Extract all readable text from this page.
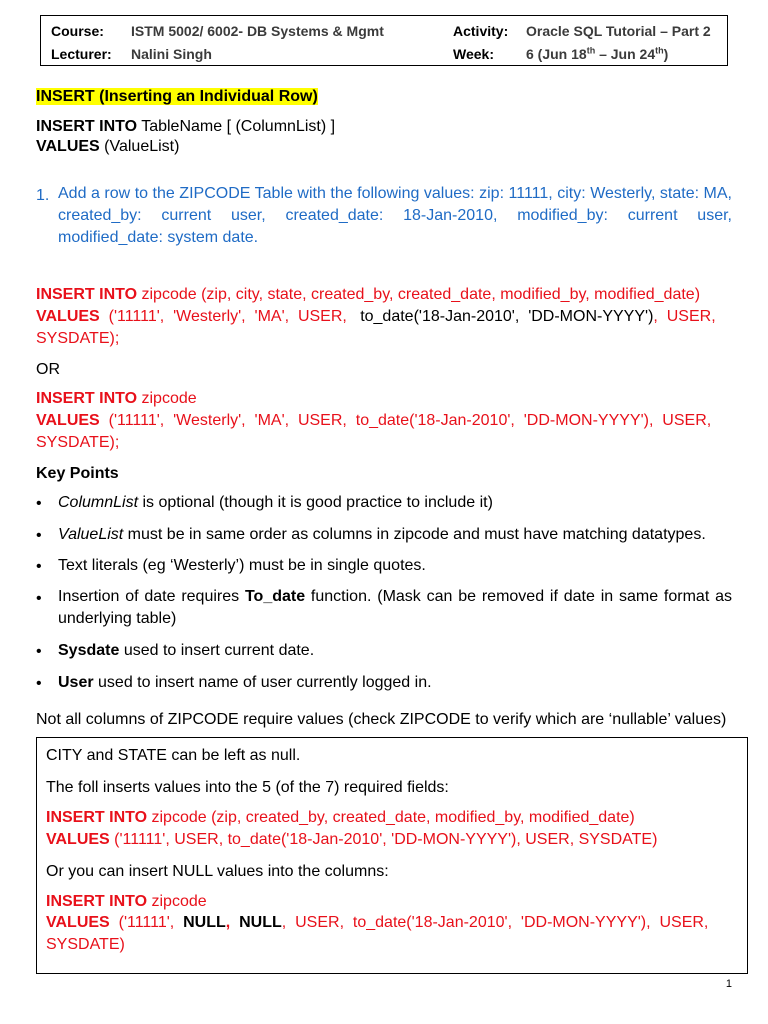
Course: ISTM 5002/ 6002- DB Systems & Mgmt	Activity: Oracle SQL Tutorial – Part 2
Lecturer: Nalini Singh	Week: 6 (Jun 18th – Jun 24th)
INSERT (Inserting an Individual Row)
INSERT INTO TableName [ (ColumnList) ]
VALUES (ValueList)
1. Add a row to the ZIPCODE Table with the following values: zip: 11111, city: Westerly, state: MA, created_by: current user, created_date: 18-Jan-2010, modified_by: current user, modified_date: system date.
INSERT INTO zipcode (zip, city, state, created_by, created_date, modified_by, modified_date)
VALUES  ('11111',  'Westerly',  'MA',  USER,   to_date('18-Jan-2010',  'DD-MON-YYYY'),  USER,
SYSDATE);
OR
INSERT INTO zipcode
VALUES  ('11111',  'Westerly',  'MA',  USER,  to_date('18-Jan-2010',  'DD-MON-YYYY'),  USER,
SYSDATE);
Key Points
• ColumnList is optional (though it is good practice to include it)
• ValueList must be in same order as columns in zipcode and must have matching datatypes.
• Text literals (eg ‘Westerly’) must be in single quotes.
• Insertion of date requires To_date function. (Mask can be removed if date in same format as underlying table)
• Sysdate used to insert current date.
• User used to insert name of user currently logged in.
Not all columns of ZIPCODE require values (check ZIPCODE to verify which are ‘nullable’ values)
CITY and STATE can be left as null.
The foll inserts values into the 5 (of the 7) required fields:
INSERT INTO zipcode (zip, created_by, created_date, modified_by, modified_date)
VALUES ('11111', USER, to_date('18-Jan-2010', 'DD-MON-YYYY'), USER, SYSDATE)
Or you can insert NULL values into the columns:
INSERT INTO zipcode
VALUES  ('11111',  NULL,  NULL,  USER,  to_date('18-Jan-2010',  'DD-MON-YYYY'),  USER,
SYSDATE)
1
